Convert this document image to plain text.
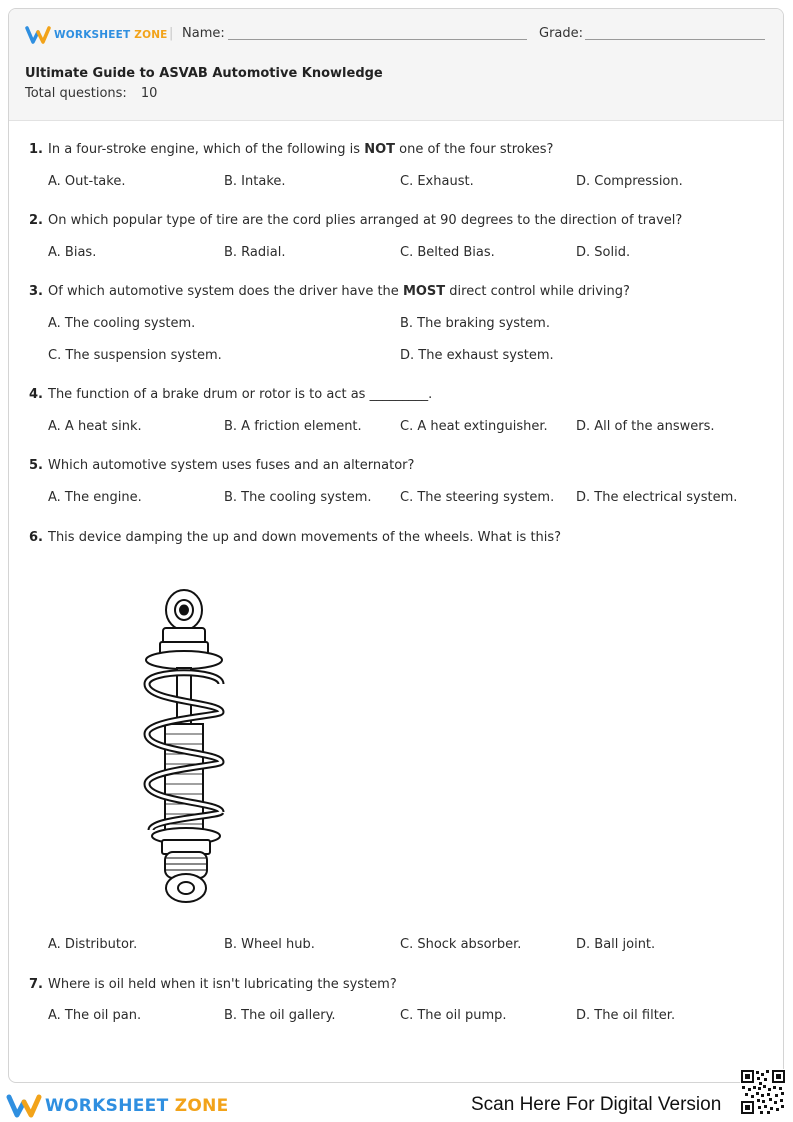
WORKSHEET ZONE | Name:	Grade:
Ultimate Guide to ASVAB Automotive Knowledge
Total questions: 10
1. In a four-stroke engine, which of the following is NOT one of the four strokes?
A. Out-take.	B. Intake.	C. Exhaust.	D. Compression.
2. On which popular type of tire are the cord plies arranged at 90 degrees to the direction of travel?
A. Bias.	B. Radial.	C. Belted Bias.	D. Solid.
3. Of which automotive system does the driver have the MOST direct control while driving?
A. The cooling system.	B. The braking system.
C. The suspension system.	D. The exhaust system.
4. The function of a brake drum or rotor is to act as _________.
A. A heat sink.	B. A friction element.	C. A heat extinguisher. D. All of the answers.
5. Which automotive system uses fuses and an alternator?
A. The engine.	B. The cooling system. C. The steering system. D. The electrical system.
6. This device damping the up and down movements of the wheels. What is this?
A. Distributor.	B. Wheel hub.	C. Shock absorber.	D. Ball joint.
7. Where is oil held when it isn't lubricating the system?
A. The oil pan.	B. The oil gallery.	C. The oil pump.	D. The oil filter.
WORKSHEET ZONE	Scan Here For Digital Version
